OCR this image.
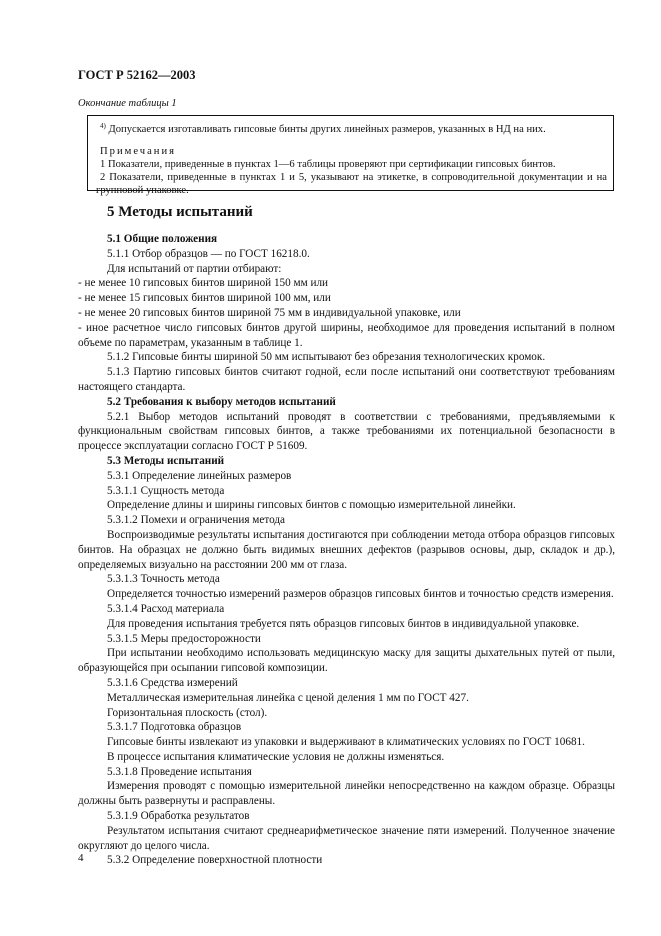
ГОСТ Р 52162—2003
Окончание таблицы 1

$^{4)}$ Допускается изготавливать гипсовые бинты других линейных размеров, указанных в НД на них.

Примечания

1 Показатели, приведенные в пунктах 1—6 таблицы проверяют при сертификации гипсовых бинтов.

2 Показатели, приведенные в пунктах 1 и 5, указывают на этикетке, в сопроводительной документации и на групповой упаковке.

5 Методы испытаний

5.1 Общие положения

5.1.1 Отбор образцов — по ГОСТ 16218.0.

Для испытаний от партии отбирают:

- не менее 10 гипсовых бинтов шириной 150 мм или

- не менее 15 гипсовых бинтов шириной 100 мм, или

- не менее 20 гипсовых бинтов шириной 75 мм в индивидуальной упаковке, или

- иное расчетное число гипсовых бинтов другой ширины, необходимое для проведения испытаний в полном объеме по параметрам, указанным в таблице 1.

5.1.2 Гипсовые бинты шириной 50 мм испытывают без обрезания технологических кромок.

5.1.3 Партию гипсовых бинтов считают годной, если после испытаний они соответствуют требованиям настоящего стандарта.

5.2 Требования к выбору методов испытаний

5.2.1 Выбор методов испытаний проводят в соответствии с требованиями, предъявляемыми к функциональным свойствам гипсовых бинтов, а также требованиями их потенциальной безопасности в процессе эксплуатации согласно ГОСТ Р 51609.

5.3 Методы испытаний

5.3.1 Определение линейных размеров

5.3.1.1 Сущность метода

Определение длины и ширины гипсовых бинтов с помощью измерительной линейки.

5.3.1.2 Помехи и ограничения метода

Воспроизводимые результаты испытания достигаются при соблюдении метода отбора образцов гипсовых бинтов. На образцах не должно быть видимых внешних дефектов (разрывов основы, дыр, складок и др.), определяемых визуально на расстоянии 200 мм от глаза.

5.3.1.3 Точность метода

Определяется точностью измерений размеров образцов гипсовых бинтов и точностью средств измерения.

5.3.1.4 Расход материала

Для проведения испытания требуется пять образцов гипсовых бинтов в индивидуальной упаковке.

5.3.1.5 Меры предосторожности

При испытании необходимо использовать медицинскую маску для защиты дыхательных путей от пыли, образующейся при осыпании гипсовой композиции.

5.3.1.6 Средства измерений

Металлическая измерительная линейка с ценой деления 1 мм по ГОСТ 427.

Горизонтальная плоскость (стол).

5.3.1.7 Подготовка образцов

Гипсовые бинты извлекают из упаковки и выдерживают в климатических условиях по ГОСТ 10681.

В процессе испытания климатические условия не должны изменяться.

5.3.1.8 Проведение испытания

Измерения проводят с помощью измерительной линейки непосредственно на каждом образце. Образцы должны быть развернуты и расправлены.

5.3.1.9 Обработка результатов

Результатом испытания считают среднеарифметическое значение пяти измерений. Полученное значение округляют до целого числа.

5.3.2 Определение поверхностной плотности

4
